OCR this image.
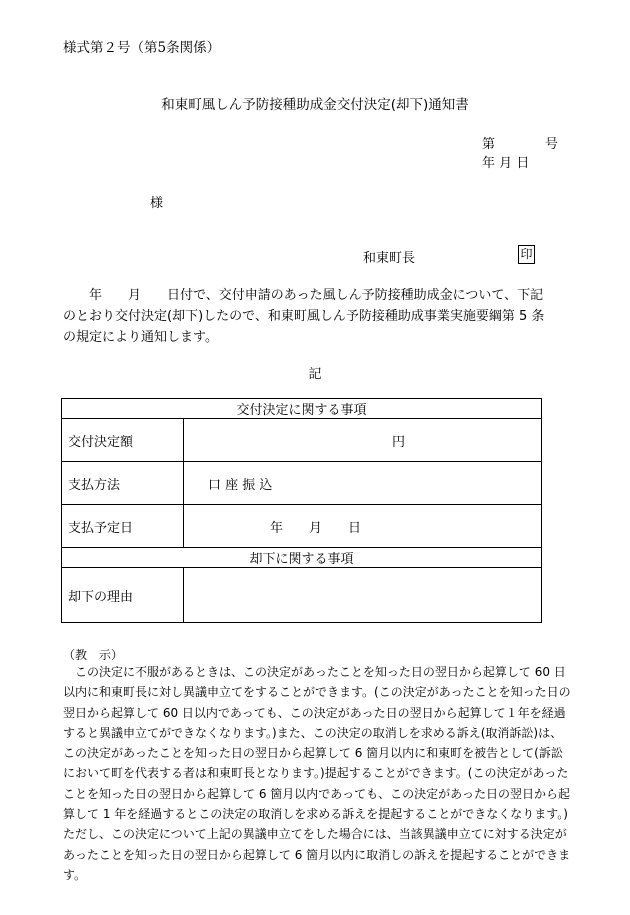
様式第２号（第5条関係）
和東町風しん予防接種助成金交付決定(却下)通知書
第	号
年 月 日
様
和東町長	印
　　年　　月　　日付で、交付申請のあった風しん予防接種助成金について、下記のとおり交付決定(却下)したので、和東町風しん予防接種助成事業実施要綱第 5 条の規定により通知します。
記
交付決定に関する事項	
交付決定額	円
支払方法	口 座 振 込
支払予定日	年　　月　　日
却下に関する事項	
却下の理由	
（教　示）
この決定に不服があるときは、この決定があったことを知った日の翌日から起算して 60 日以内に和東町長に対し異議申立てをすることができます。(この決定があったことを知った日の翌日から起算して 60 日以内であっても、この決定があった日の翌日から起算して１年を経過すると異議申立てができなくなります。)また、この決定の取消しを求める訴え(取消訴訟)は、この決定があったことを知った日の翌日から起算して 6 箇月以内に和東町を被告として(訴訟において町を代表する者は和東町長となります。)提起することができます。(この決定があったことを知った日の翌日から起算して 6 箇月以内であっても、この決定があった日の翌日から起算して 1 年を経過するとこの決定の取消しを求める訴えを提起することができなくなります。)ただし、この決定について上記の異議申立てをした場合には、当該異議申立てに対する決定があったことを知った日の翌日から起算して 6 箇月以内に取消しの訴えを提起することができます。
